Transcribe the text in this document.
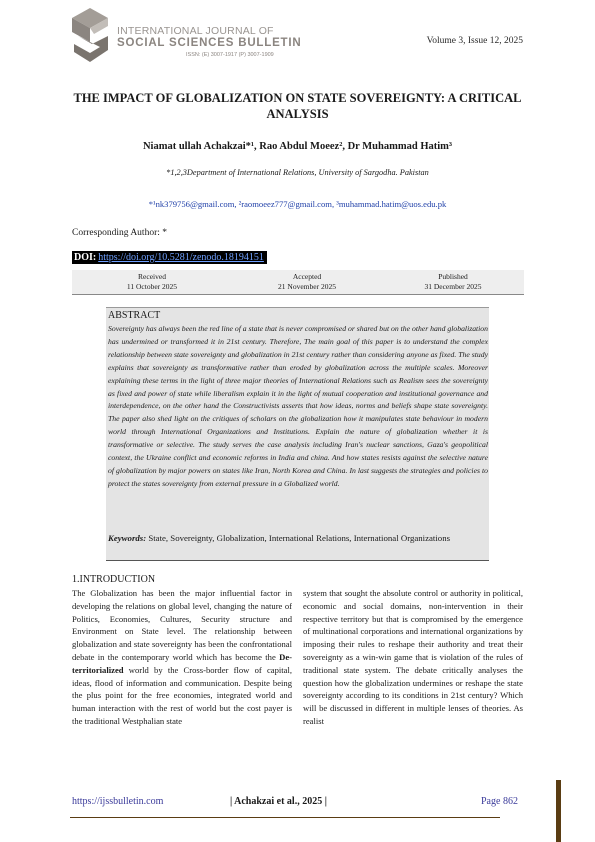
INTERNATIONAL JOURNAL OF
SOCIAL SCIENCES BULLETIN
ISSN: (E) 3007-1917 (P) 3007-1909
Volume 3, Issue 12, 2025
THE IMPACT OF GLOBALIZATION ON STATE SOVEREIGNTY: A CRITICAL ANALYSIS
Niamat ullah Achakzai*¹, Rao Abdul Moeez², Dr Muhammad Hatim³
*1,2,3Department of International Relations, University of Sargodha. Pakistan
*¹nk379756@gmail.com, ²raomoeez777@gmail.com, ³muhammad.hatim@uos.edu.pk
Corresponding Author: *
DOI: https://doi.org/10.5281/zenodo.18194151
Received
11 October 2025
Accepted
21 November 2025
Published
31 December 2025
ABSTRACT
Sovereignty has always been the red line of a state that is never compromised or shared but on the other hand globalization has undermined or transformed it in 21st century. Therefore, The main goal of this paper is to understand the complex relationship between state sovereignty and globalization in 21st century rather than considering anyone as fixed. The study explains that sovereignty as transformative rather than eroded by globalization across the multiple scales. Moreover explaining these terms in the light of three major theories of International Relations such as Realism sees the sovereignty as fixed and power of state while liberalism explain it in the light of mutual cooperation and institutional governance and interdependence, on the other hand the Constructivists asserts that how ideas, norms and beliefs shape state sovereignty. The paper also shed light on the critiques of scholars on the globalization how it manipulates state behaviour in modern world through International Organizations and Institutions. Explain the nature of globalization whether it is transformative or selective. The study serves the case analysis including Iran's nuclear sanctions, Gaza's geopolitical context, the Ukraine conflict and economic reforms in India and china. And how states resists against the selective nature of globalization by major powers on states like Iran, North Korea and China. In last suggests the strategies and policies to protect the states sovereignty from external pressure in a Globalized world.
Keywords: State, Sovereignty, Globalization, International Relations, International Organizations
1.INTRODUCTION
The Globalization has been the major influential factor in developing the relations on global level, changing the nature of Politics, Economies, Cultures, Security structure and Environment on State level. The relationship between globalization and state sovereignty has been the confrontational debate in the contemporary world which has become the De-territorialized world by the Cross-border flow of capital, ideas, flood of information and communication. Despite being the plus point for the free economies, integrated world and human interaction with the rest of world but the cost payer is the traditional Westphalian state
system that sought the absolute control or authority in political, economic and social domains, non-intervention in their respective territory but that is compromised by the emergence of multinational corporations and international organizations by imposing their rules to reshape their authority and treat their sovereignty as a win-win game that is violation of the rules of traditional state system. The debate critically analyses the question how the globalization undermines or reshape the state sovereignty according to its conditions in 21st century? Which will be discussed in different in multiple lenses of theories. As realist
https://ijssbulletin.com	| Achakzai et al., 2025 |	Page 862
